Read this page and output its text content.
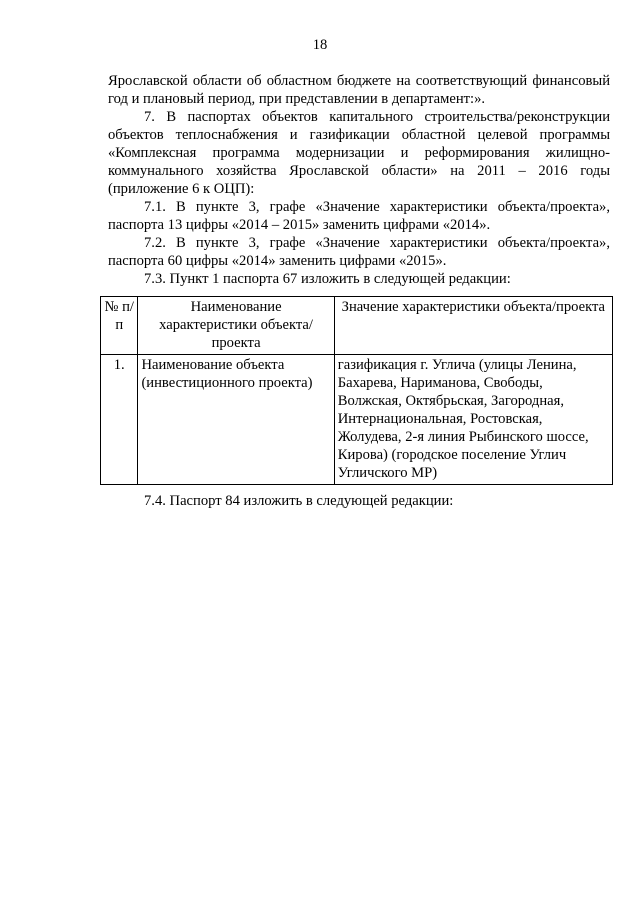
18

Ярославской области об областном бюджете на соответствующий финансовый год и плановый период, при представлении в департамент:».

7. В паспортах объектов капитального строительства/реконструкции объектов теплоснабжения и газификации областной целевой программы «Комплексная программа модернизации и реформирования жилищно-коммунального хозяйства Ярославской области» на 2011 – 2016 годы (приложение 6 к ОЦП):

7.1. В пункте 3, графе «Значение характеристики объекта/проекта», паспорта 13 цифры «2014 – 2015» заменить цифрами «2014».

7.2. В пункте 3, графе «Значение характеристики объекта/проекта», паспорта 60 цифры «2014» заменить цифрами «2015».

7.3. Пункт 1 паспорта 67 изложить в следующей редакции:

№ п/п	Наименование характеристики объекта/проекта	Значение характеристики объекта/проекта
1.	Наименование объекта (инвестиционного проекта)	газификация г. Углича (улицы Ленина, Бахарева, Нариманова, Свободы, Волжская, Октябрьская, Загородная, Интернациональная, Ростовская, Жолудева, 2-я линия Рыбинского шоссе, Кирова) (городское поселение Углич Угличского МР)

7.4. Паспорт 84 изложить в следующей редакции:
